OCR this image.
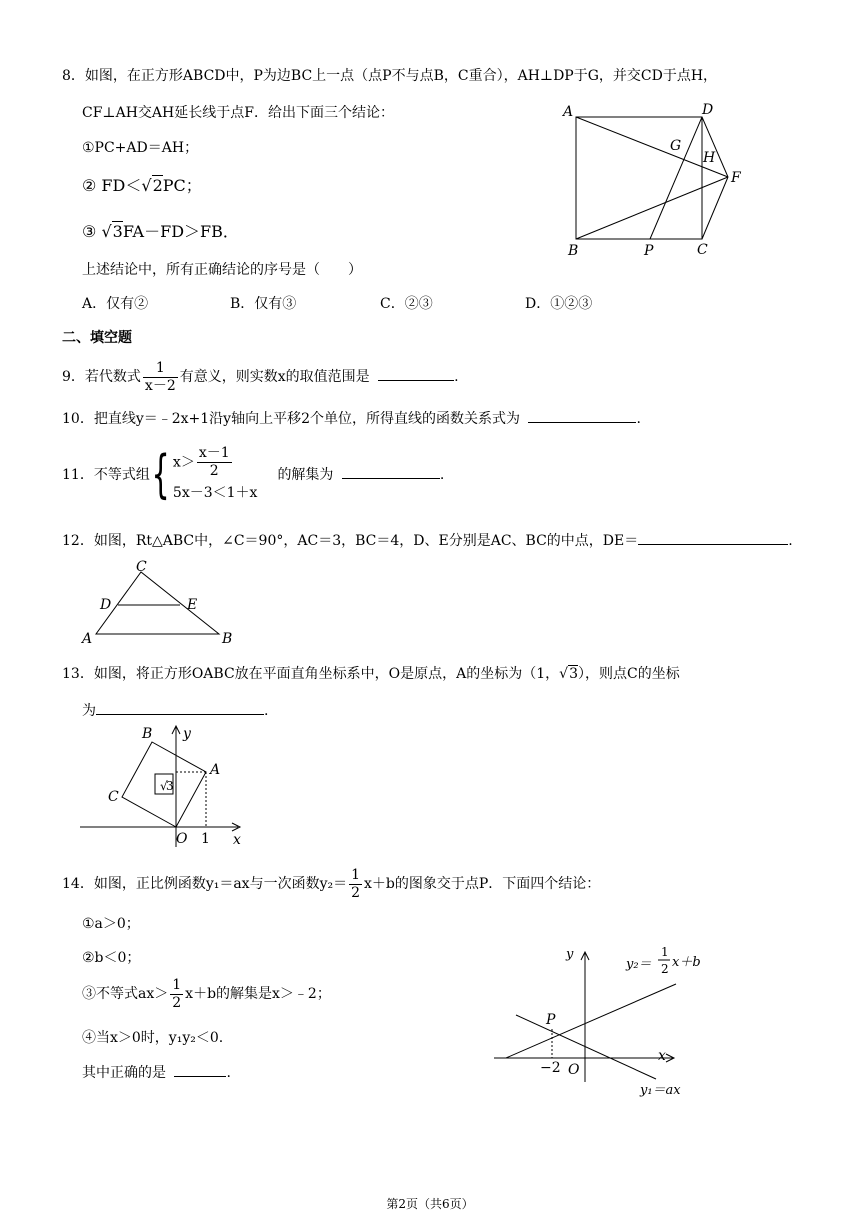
8．如图，在正方形ABCD中，P为边BC上一点（点P不与点B，C重合），AH⊥DP于G，并交CD于点H，
CF⊥AH交AH延长线于点F．给出下面三个结论：
①PC+AD＝AH；
② FD＜√2PC；
③ √3FA－FD＞FB．
上述结论中，所有正确结论的序号是（　　）
A．仅有②	B．仅有③	C．②③	D．①②③
A	D
G
H
F
B	P	C
二、填空题
9．若代数式 $\frac{1}{x-2}$ 有意义，则实数x的取值范围是	.
10．把直线y＝﹣2x+1沿y轴向上平移2个单位，所得直线的函数关系式为	.
11．不等式组{ $x> \frac{x-1}{2}$
5x－3＜1＋x
的解集为	.
12．如图，Rt△ABC中，∠C＝90°，AC＝3，BC＝4，D、E分别是AC、BC的中点，DE＝	.
C
D	E
A	B
13．如图，将正方形OABC放在平面直角坐标系中，O是原点，A的坐标为（1，√3），则点C的坐标
为	.
B y
A
C
√
3
O 1 x
14．如图，正比例函数y₁＝ax与一次函数$y_2= \frac{1}{2} x+b$的图象交于点P．下面四个结论：
①a＞0；
②b＜0；
③不等式$ax> \frac{1}{2} x+b$的解集是x＞﹣2；
④当x＞0时，y₁y₂＜0.
其中正确的是	.
y
y₂＝
1
2 x＋b
P
−2 O
x
y₁＝ax
第2页（共6页）
